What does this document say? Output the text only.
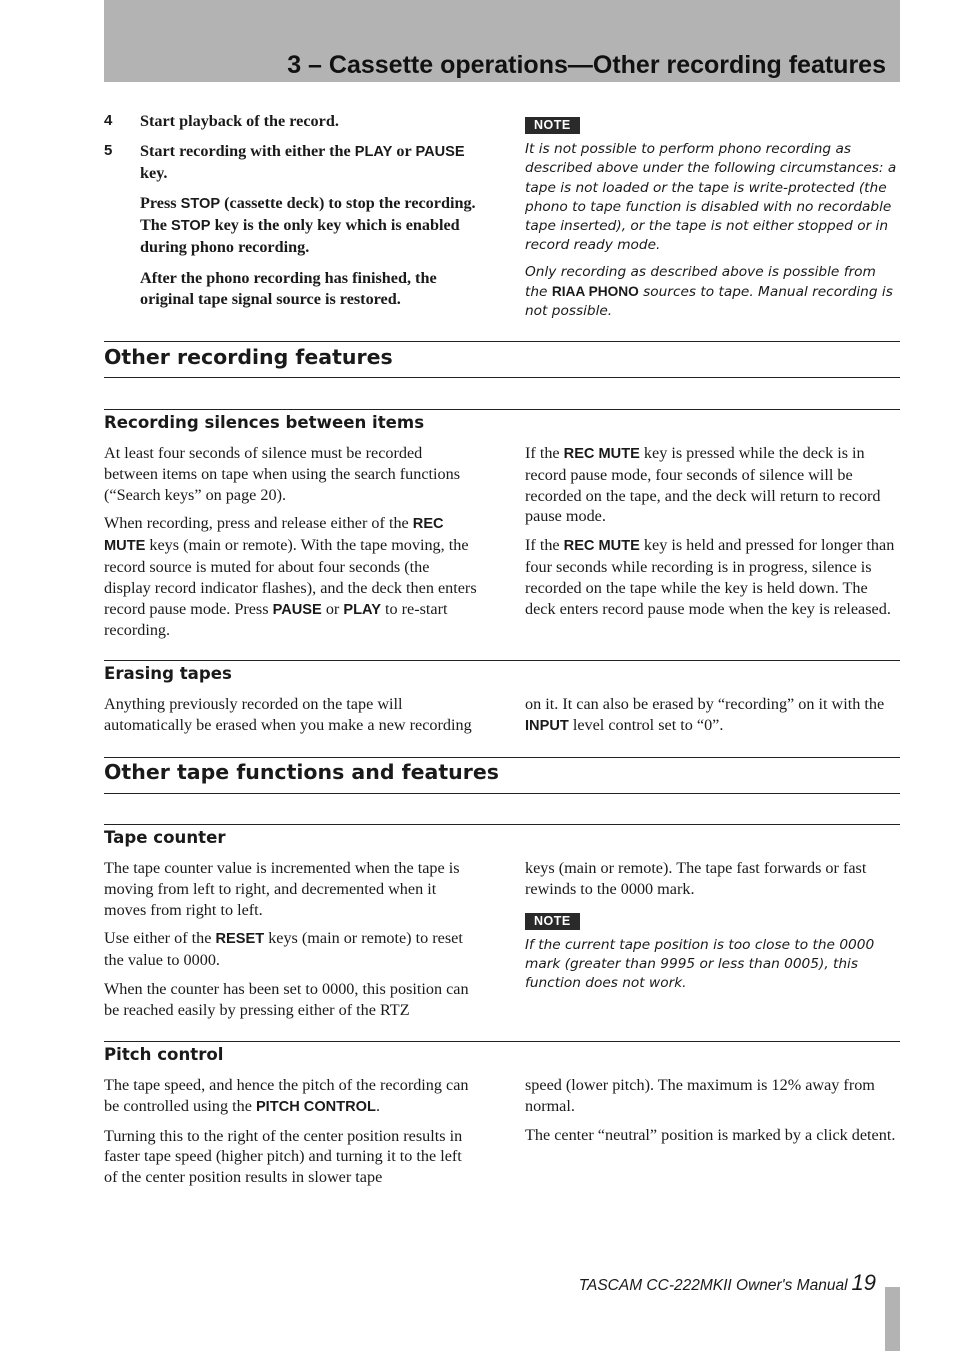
3 – Cassette operations—Other recording features
4 Start playback of the record.
5 Start recording with either the PLAY or PAUSE key.

Press STOP (cassette deck) to stop the recording. The STOP key is the only key which is enabled during phono recording.

After the phono recording has finished, the original tape signal source is restored.

NOTE

It is not possible to perform phono recording as described above under the following circumstances: a tape is not loaded or the tape is write-protected (the phono to tape function is disabled with no recordable tape inserted), or the tape is not either stopped or in record ready mode.

Only recording as described above is possible from the RIAA PHONO sources to tape. Manual recording is not possible.

Other recording features
Recording silences between items

At least four seconds of silence must be recorded between items on tape when using the search functions (“Search keys” on page 20).

When recording, press and release either of the REC MUTE keys (main or remote). With the tape moving, the record source is muted for about four seconds (the display record indicator flashes), and the deck then enters record pause mode. Press PAUSE or PLAY to re-start recording.

If the REC MUTE key is pressed while the deck is in record pause mode, four seconds of silence will be recorded on the tape, and the deck will return to record pause mode.

If the REC MUTE key is held and pressed for longer than four seconds while recording is in progress, silence is recorded on the tape while the key is held down. The deck enters record pause mode when the key is released.

Erasing tapes

Anything previously recorded on the tape will automatically be erased when you make a new recording

on it. It can also be erased by “recording” on it with the INPUT level control set to “0”.

Other tape functions and features
Tape counter

The tape counter value is incremented when the tape is moving from left to right, and decremented when it moves from right to left.

Use either of the RESET keys (main or remote) to reset the value to 0000.

When the counter has been set to 0000, this position can be reached easily by pressing either of the RTZ

keys (main or remote). The tape fast forwards or fast rewinds to the 0000 mark.

NOTE

If the current tape position is too close to the 0000 mark (greater than 9995 or less than 0005), this function does not work.

Pitch control

The tape speed, and hence the pitch of the recording can be controlled using the PITCH CONTROL.

Turning this to the right of the center position results in faster tape speed (higher pitch) and turning it to the left of the center position results in slower tape

speed (lower pitch). The maximum is 12% away from normal.

The center “neutral” position is marked by a click detent.

TASCAM CC-222MKII Owner's Manual 19
